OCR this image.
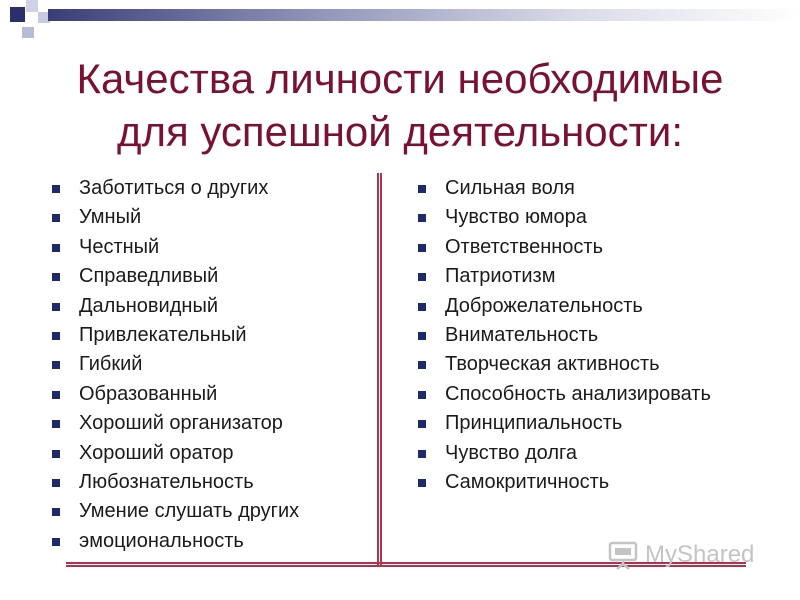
Качества личности необходимые
для успешной деятельности:
Заботиться о других
Умный
Честный
Справедливый
Дальновидный
Привлекательный
Гибкий
Образованный
Хороший организатор
Хороший оратор
Любознательность
Умение слушать других
эмоциональность
Сильная воля
Чувство юмора
Ответственность
Патриотизм
Доброжелательность
Внимательность
Творческая активность
Способность анализировать
Принципиальность
Чувство долга
Самокритичность
MyShared
